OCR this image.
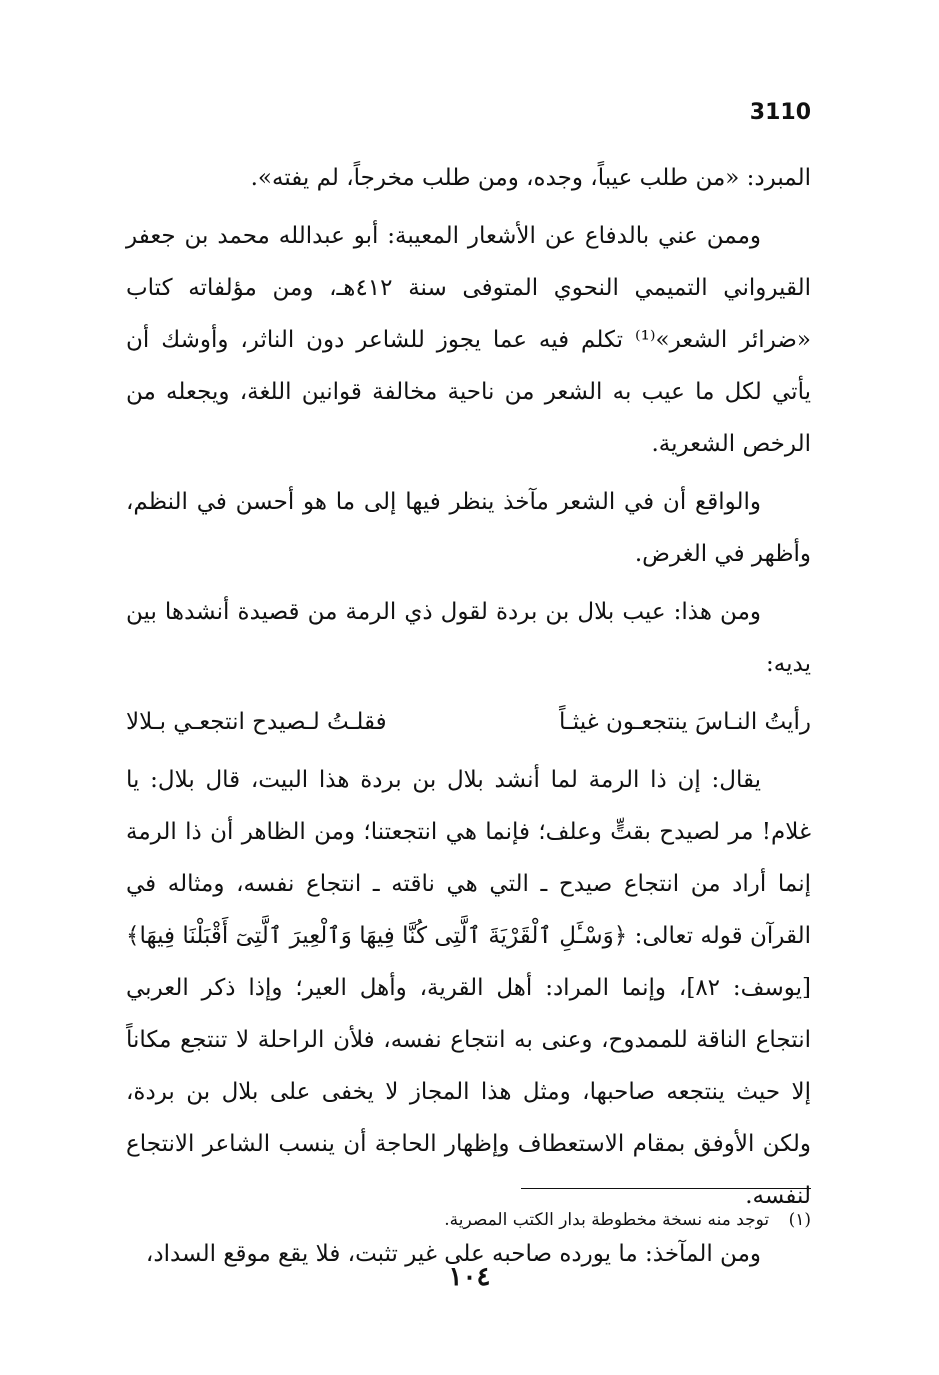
3110

المبرد: «من طلب عيباً، وجده، ومن طلب مخرجاً، لم يفته».

وممن عني بالدفاع عن الأشعار المعيبة: أبو عبدالله محمد بن جعفر القيرواني التميمي النحوي المتوفى سنة ٤١٢هـ، ومن مؤلفاته كتاب «ضرائر الشعر»⁽¹⁾ تكلم فيه عما يجوز للشاعر دون الناثر، وأوشك أن يأتي لكل ما عيب به الشعر من ناحية مخالفة قوانين اللغة، ويجعله من الرخص الشعرية.

والواقع أن في الشعر مآخذ ينظر فيها إلى ما هو أحسن في النظم، وأظهر في الغرض.

ومن هذا: عيب بلال بن بردة لقول ذي الرمة من قصيدة أنشدها بين يديه:

رأيتُ النـاسَ ينتجعـون غيثـاً
فقلـتُ لـصيدح انتجعـي بـلالا

يقال: إن ذا الرمة لما أنشد بلال بن بردة هذا البيت، قال بلال: يا غلام! مر لصيدح بقتٍّ وعلف؛ فإنما هي انتجعتنا؛ ومن الظاهر أن ذا الرمة إنما أراد من انتجاع صيدح ـ التي هي ناقته ـ انتجاع نفسه، ومثاله في القرآن قوله تعالى: ﴿وَسْـَٔلِ ٱلْقَرْيَةَ ٱلَّتِى كُنَّا فِيهَا وَٱلْعِيرَ ٱلَّتِىٓ أَقْبَلْنَا فِيهَا﴾[يوسف: ٨٢]، وإنما المراد: أهل القرية، وأهل العير؛ وإذا ذكر العربي انتجاع الناقة للممدوح، وعنى به انتجاع نفسه، فلأن الراحلة لا تنتجع مكاناً إلا حيث ينتجعه صاحبها، ومثل هذا المجاز لا يخفى على بلال بن بردة، ولكن الأوفق بمقام الاستعطاف وإظهار الحاجة أن ينسب الشاعر الانتجاع لنفسه.

ومن المآخذ: ما يورده صاحبه على غير تثبت، فلا يقع موقع السداد،

(١) توجد منه نسخة مخطوطة بدار الكتب المصرية.
١٠٤
